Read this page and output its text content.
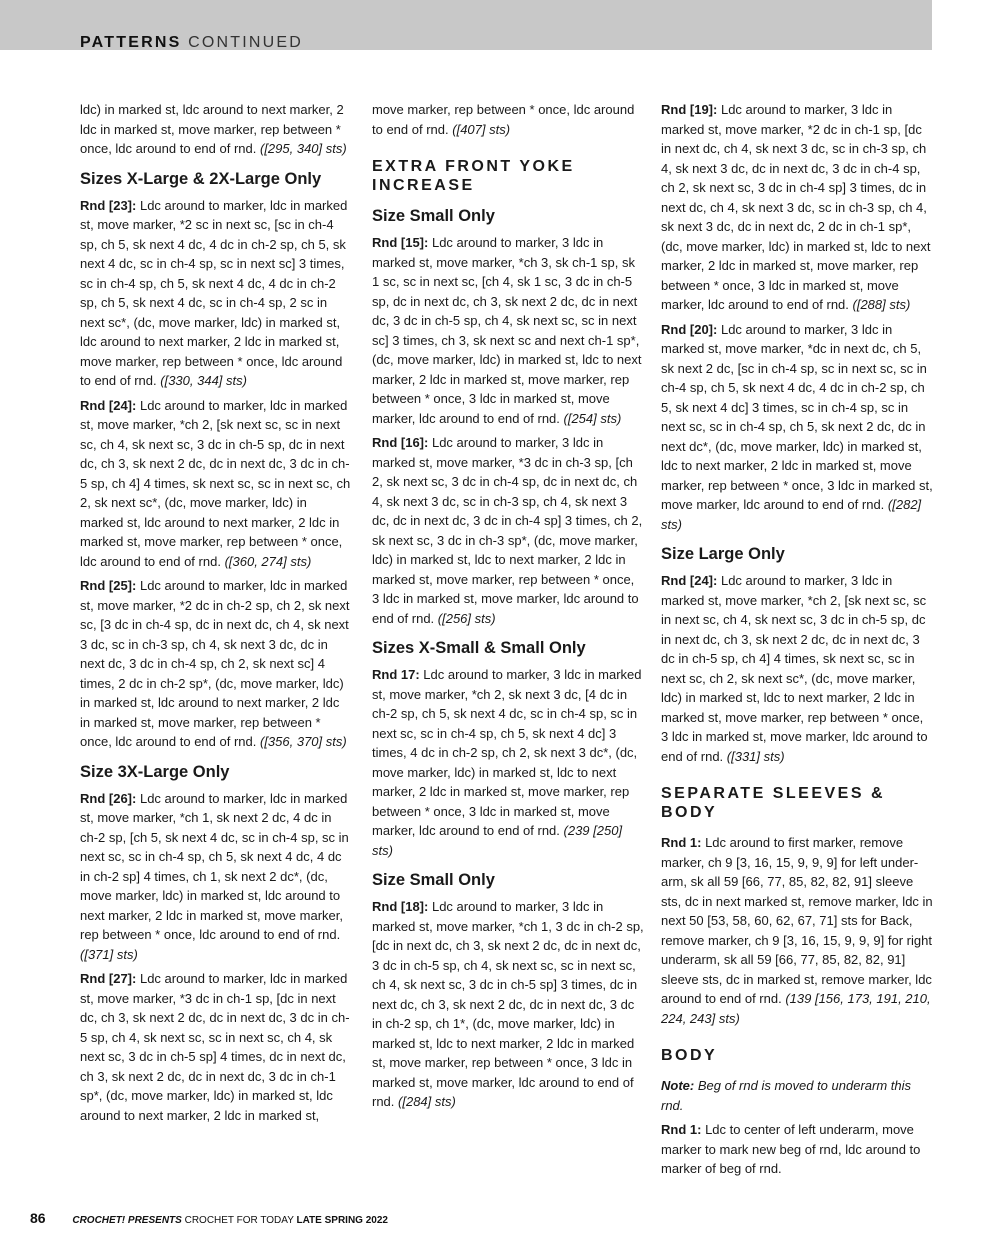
PATTERNS CONTINUED

ldc) in marked st, ldc around to next marker, 2 ldc in marked st, move marker, rep between * once, ldc around to end of rnd. ([295, 340] sts)

Sizes X-Large & 2X-Large Only

Rnd [23]: Ldc around to marker, ldc in marked st, move marker, *2 sc in next sc, [sc in ch-4 sp, ch 5, sk next 4 dc, 4 dc in ch-2 sp, ch 5, sk next 4 dc, sc in ch-4 sp, sc in next sc] 3 times, sc in ch-4 sp, ch 5, sk next 4 dc, 4 dc in ch-2 sp, ch 5, sk next 4 dc, sc in ch-4 sp, 2 sc in next sc*, (dc, move marker, ldc) in marked st, ldc around to next marker, 2 ldc in marked st, move marker, rep between * once, ldc around to end of rnd. ([330, 344] sts)

Rnd [24]: Ldc around to marker, ldc in marked st, move marker, *ch 2, [sk next sc, sc in next sc, ch 4, sk next sc, 3 dc in ch-5 sp, dc in next dc, ch 3, sk next 2 dc, dc in next dc, 3 dc in ch-5 sp, ch 4] 4 times, sk next sc, sc in next sc, ch 2, sk next sc*, (dc, move marker, ldc) in marked st, ldc around to next marker, 2 ldc in marked st, move marker, rep between * once, ldc around to end of rnd. ([360, 274] sts)

Rnd [25]: Ldc around to marker, ldc in marked st, move marker, *2 dc in ch-2 sp, ch 2, sk next sc, [3 dc in ch-4 sp, dc in next dc, ch 4, sk next 3 dc, sc in ch-3 sp, ch 4, sk next 3 dc, dc in next dc, 3 dc in ch-4 sp, ch 2, sk next sc] 4 times, 2 dc in ch-2 sp*, (dc, move marker, ldc) in marked st, ldc around to next marker, 2 ldc in marked st, move marker, rep between * once, ldc around to end of rnd. ([356, 370] sts)

Size 3X-Large Only

Rnd [26]: Ldc around to marker, ldc in marked st, move marker, *ch 1, sk next 2 dc, 4 dc in ch-2 sp, [ch 5, sk next 4 dc, sc in ch-4 sp, sc in next sc, sc in ch-4 sp, ch 5, sk next 4 dc, 4 dc in ch-2 sp] 4 times, ch 1, sk next 2 dc*, (dc, move marker, ldc) in marked st, ldc around to next marker, 2 ldc in marked st, move marker, rep between * once, ldc around to end of rnd. ([371] sts)

Rnd [27]: Ldc around to marker, ldc in marked st, move marker, *3 dc in ch-1 sp, [dc in next dc, ch 3, sk next 2 dc, dc in next dc, 3 dc in ch-5 sp, ch 4, sk next sc, sc in next sc, ch 4, sk next sc, 3 dc in ch-5 sp] 4 times, dc in next dc, ch 3, sk next 2 dc, dc in next dc, 3 dc in ch-1 sp*, (dc, move marker, ldc) in marked st, ldc around to next marker, 2 ldc in marked st,

move marker, rep between * once, ldc around to end of rnd. ([407] sts)

EXTRA FRONT YOKE INCREASE
Size Small Only

Rnd [15]: Ldc around to marker, 3 ldc in marked st, move marker, *ch 3, sk ch-1 sp, sk 1 sc, sc in next sc, [ch 4, sk 1 sc, 3 dc in ch-5 sp, dc in next dc, ch 3, sk next 2 dc, dc in next dc, 3 dc in ch-5 sp, ch 4, sk next sc, sc in next sc] 3 times, ch 3, sk next sc and next ch-1 sp*, (dc, move marker, ldc) in marked st, ldc to next marker, 2 ldc in marked st, move marker, rep between * once, 3 ldc in marked st, move marker, ldc around to end of rnd. ([254] sts)

Rnd [16]: Ldc around to marker, 3 ldc in marked st, move marker, *3 dc in ch-3 sp, [ch 2, sk next sc, 3 dc in ch-4 sp, dc in next dc, ch 4, sk next 3 dc, sc in ch-3 sp, ch 4, sk next 3 dc, dc in next dc, 3 dc in ch-4 sp] 3 times, ch 2, sk next sc, 3 dc in ch-3 sp*, (dc, move marker, ldc) in marked st, ldc to next marker, 2 ldc in marked st, move marker, rep between * once, 3 ldc in marked st, move marker, ldc around to end of rnd. ([256] sts)

Sizes X-Small & Small Only

Rnd 17: Ldc around to marker, 3 ldc in marked st, move marker, *ch 2, sk next 3 dc, [4 dc in ch-2 sp, ch 5, sk next 4 dc, sc in ch-4 sp, sc in next sc, sc in ch-4 sp, ch 5, sk next 4 dc] 3 times, 4 dc in ch-2 sp, ch 2, sk next 3 dc*, (dc, move marker, ldc) in marked st, ldc to next marker, 2 ldc in marked st, move marker, rep between * once, 3 ldc in marked st, move marker, ldc around to end of rnd. (239 [250] sts)

Size Small Only

Rnd [18]: Ldc around to marker, 3 ldc in marked st, move marker, *ch 1, 3 dc in ch-2 sp, [dc in next dc, ch 3, sk next 2 dc, dc in next dc, 3 dc in ch-5 sp, ch 4, sk next sc, sc in next sc, ch 4, sk next sc, 3 dc in ch-5 sp] 3 times, dc in next dc, ch 3, sk next 2 dc, dc in next dc, 3 dc in ch-2 sp, ch 1*, (dc, move marker, ldc) in marked st, ldc to next marker, 2 ldc in marked st, move marker, rep between * once, 3 ldc in marked st, move marker, ldc around to end of rnd. ([284] sts)

Rnd [19]: Ldc around to marker, 3 ldc in marked st, move marker, *2 dc in ch-1 sp, [dc in next dc, ch 4, sk next 3 dc, sc in ch-3 sp, ch 4, sk next 3 dc, dc in next dc, 3 dc in ch-4 sp, ch 2, sk next sc, 3 dc in ch-4 sp] 3 times, dc in next dc, ch 4, sk next 3 dc, sc in ch-3 sp, ch 4, sk next 3 dc, dc in next dc, 2 dc in ch-1 sp*, (dc, move marker, ldc) in marked st, ldc to next marker, 2 ldc in marked st, move marker, rep between * once, 3 ldc in marked st, move marker, ldc around to end of rnd. ([288] sts)

Rnd [20]: Ldc around to marker, 3 ldc in marked st, move marker, *dc in next dc, ch 5, sk next 2 dc, [sc in ch-4 sp, sc in next sc, sc in ch-4 sp, ch 5, sk next 4 dc, 4 dc in ch-2 sp, ch 5, sk next 4 dc] 3 times, sc in ch-4 sp, sc in next sc, sc in ch-4 sp, ch 5, sk next 2 dc, dc in next dc*, (dc, move marker, ldc) in marked st, ldc to next marker, 2 ldc in marked st, move marker, rep between * once, 3 ldc in marked st, move marker, ldc around to end of rnd. ([282] sts)

Size Large Only

Rnd [24]: Ldc around to marker, 3 ldc in marked st, move marker, *ch 2, [sk next sc, sc in next sc, ch 4, sk next sc, 3 dc in ch-5 sp, dc in next dc, ch 3, sk next 2 dc, dc in next dc, 3 dc in ch-5 sp, ch 4] 4 times, sk next sc, sc in next sc, ch 2, sk next sc*, (dc, move marker, ldc) in marked st, ldc to next marker, 2 ldc in marked st, move marker, rep between * once, 3 ldc in marked st, move marker, ldc around to end of rnd. ([331] sts)

SEPARATE SLEEVES & BODY

Rnd 1: Ldc around to first marker, remove marker, ch 9 [3, 16, 15, 9, 9, 9] for left under-arm, sk all 59 [66, 77, 85, 82, 82, 91] sleeve sts, dc in next marked st, remove marker, ldc in next 50 [53, 58, 60, 62, 67, 71] sts for Back, remove marker, ch 9 [3, 16, 15, 9, 9, 9] for right underarm, sk all 59 [66, 77, 85, 82, 82, 91] sleeve sts, dc in marked st, remove marker, ldc around to end of rnd. (139 [156, 173, 191, 210, 224, 243] sts)

BODY

Note: Beg of rnd is moved to underarm this rnd.

Rnd 1: Ldc to center of left underarm, move marker to mark new beg of rnd, ldc around to marker of beg of rnd.

86	CROCHET! PRESENTS CROCHET FOR TODAY LATE SPRING 2022
